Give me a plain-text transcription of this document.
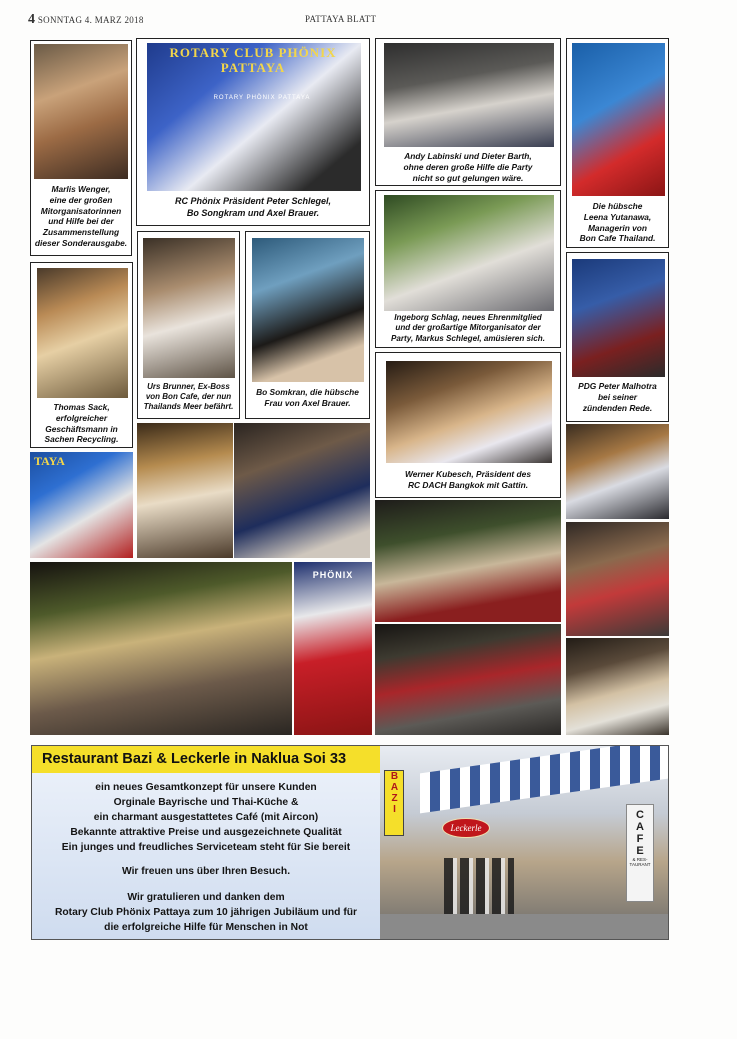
4 SONNTAG 4. MARZ 2018	PATTAYA BLATT
Marlis Wenger,
eine der großen
Mitorganisatorinnen
und Hilfe bei der
Zusammenstellung
dieser Sonderausgabe.
ROTARY CLUB PHÖNIX PATTAYA
ROTARY PHÖNIX PATTAYA
RC Phönix Präsident Peter Schlegel,
Bo Songkram und Axel Brauer.
Andy Labinski und Dieter Barth,
ohne deren große Hilfe die Party
nicht so gut gelungen wäre.
Die hübsche
Leena Yutanawa,
Managerin von
Bon Cafe Thailand.
Thomas Sack,
erfolgreicher
Geschäftsmann in
Sachen Recycling.
Urs Brunner, Ex-Boss
von Bon Cafe, der nun
Thailands Meer befährt.
Bo Somkran, die hübsche
Frau von Axel Brauer.
Ingeborg Schlag, neues Ehrenmitglied
und der großartige Mitorganisator der
Party, Markus Schlegel, amüsieren sich.
PDG Peter Malhotra
bei seiner
zündenden Rede.
Werner Kubesch, Präsident des
RC DACH Bangkok mit Gattin.
TAYA
PHÖNIX
Restaurant Bazi & Leckerle in Naklua Soi 33
ein neues Gesamtkonzept für unsere Kunden
Orginale Bayrische und Thai-Küche &
ein charmant ausgestattetes Café (mit Aircon)
Bekannte attraktive Preise und ausgezeichnete Qualität
Ein junges und freudliches Serviceteam steht für Sie bereit
Wir freuen uns über Ihren Besuch.
Wir gratulieren und danken dem
Rotary Club Phönix Pattaya zum 10 jährigen Jubiläum und für
die erfolgreiche Hilfe für Menschen in Not
BAZI
Leckerle	CAFE
& RES-TAURANT
